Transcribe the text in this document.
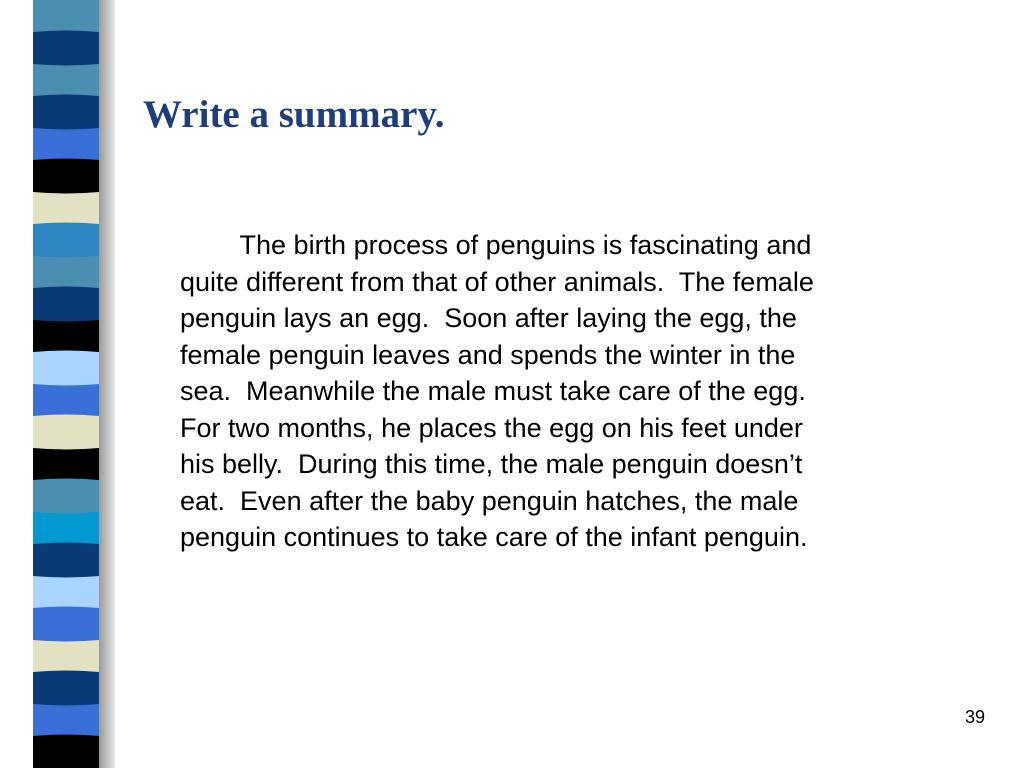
Write a summary.

The birth process of penguins is fascinating and
quite different from that of other animals.  The female
penguin lays an egg.  Soon after laying the egg, the
female penguin leaves and spends the winter in the
sea.  Meanwhile the male must take care of the egg.
For two months, he places the egg on his feet under
his belly.  During this time, the male penguin doesn’t
eat.  Even after the baby penguin hatches, the male
penguin continues to take care of the infant penguin.

39
